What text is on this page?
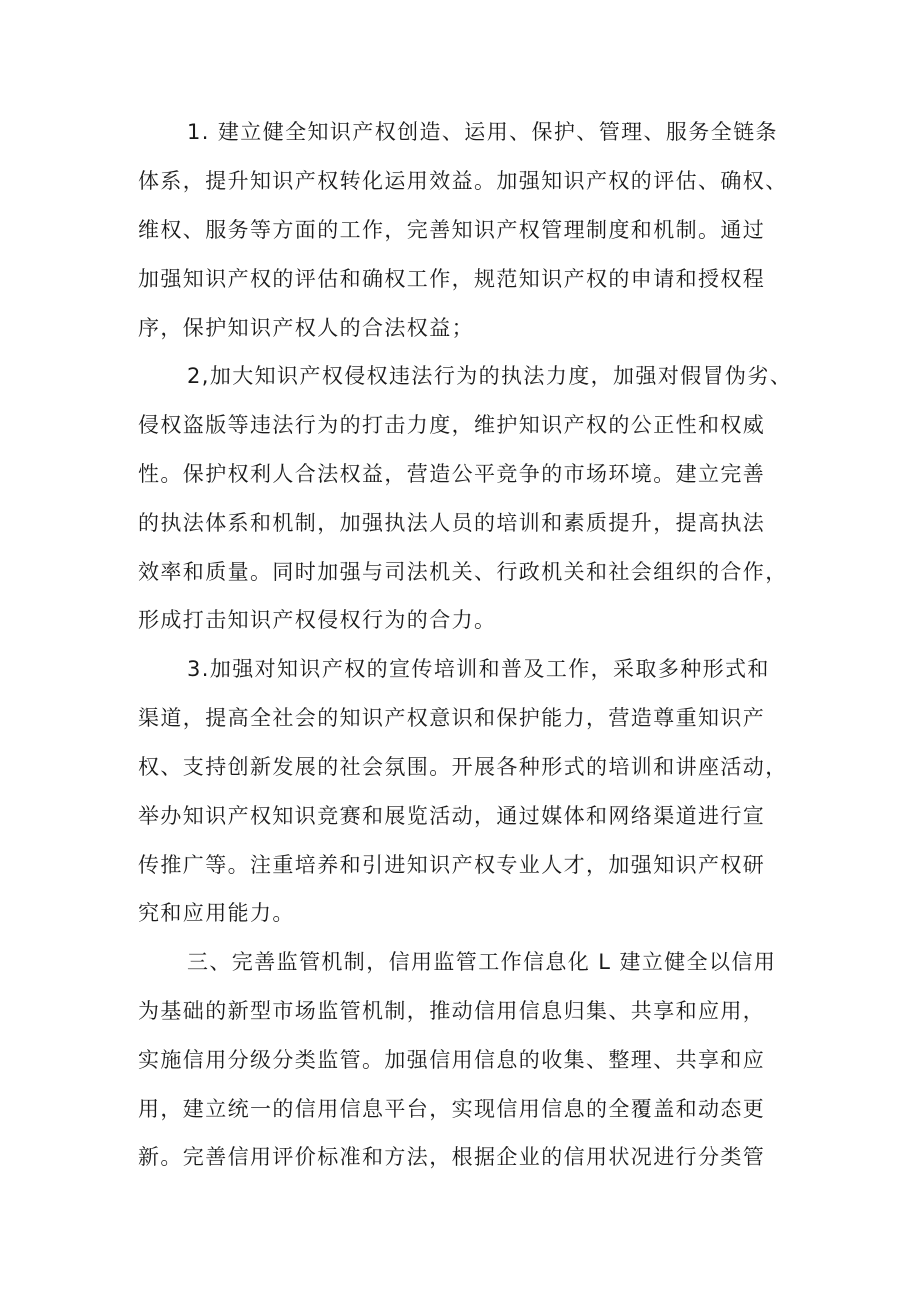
1. 建立健全知识产权创造、运用、保护、管理、服务全链条
体系，提升知识产权转化运用效益。加强知识产权的评估、确权、
维权、服务等方面的工作，完善知识产权管理制度和机制。通过
加强知识产权的评估和确权工作，规范知识产权的申请和授权程
序，保护知识产权人的合法权益；
2,加大知识产权侵权违法行为的执法力度，加强对假冒伪劣、
侵权盗版等违法行为的打击力度，维护知识产权的公正性和权威
性。保护权利人合法权益，营造公平竞争的市场环境。建立完善
的执法体系和机制，加强执法人员的培训和素质提升，提高执法
效率和质量。同时加强与司法机关、行政机关和社会组织的合作，
形成打击知识产权侵权行为的合力。
3.加强对知识产权的宣传培训和普及工作，采取多种形式和
渠道，提高全社会的知识产权意识和保护能力，营造尊重知识产
权、支持创新发展的社会氛围。开展各种形式的培训和讲座活动，
举办知识产权知识竞赛和展览活动，通过媒体和网络渠道进行宣
传推广等。注重培养和引进知识产权专业人才，加强知识产权研
究和应用能力。
三、完善监管机制，信用监管工作信息化 L 建立健全以信用
为基础的新型市场监管机制，推动信用信息归集、共享和应用，
实施信用分级分类监管。加强信用信息的收集、整理、共享和应
用，建立统一的信用信息平台，实现信用信息的全覆盖和动态更
新。完善信用评价标准和方法，根据企业的信用状况进行分类管
